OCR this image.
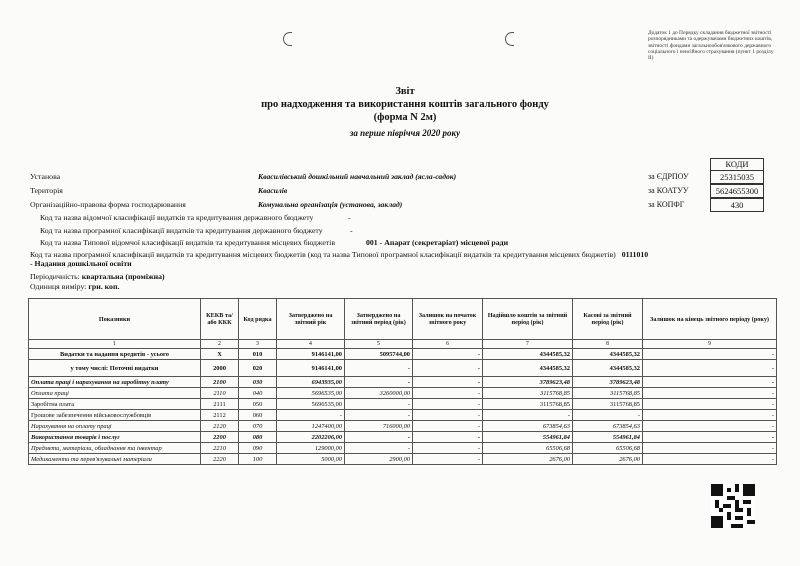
Додаток 1 до Порядку складання бюджетної звітності розпорядниками та одержувачами бюджетних коштів, звітності фондами загальнообов'язкового державного соціального і пенсійного страхування (пункт 1 розділу II)
Звіт
про надходження та використання коштів загального фонду
(форма N 2м)
за перше півріччя 2020 року
КОДИ
за ЄДРПОУ	25315035
за КОАТУУ	5624655300
за КОПФГ	430
Установа	Квасилівський дошкільний навчальний заклад (ясла-садок)
Територія	Квасилів
Організаційно-правова форма господарювання	Комунальна організація (установа, заклад)
Код та назва відомчої класифікації видатків та кредитування державного бюджету	-
Код та назва програмної класифікації видатків та кредитування державного бюджету	-
Код та назва Типової відомчої класифікації видатків та кредитування місцевих бюджетів	001 - Апарат (секретаріат) місцевої ради
Код та назва програмної класифікації видатків та кредитування місцевих бюджетів (код та назва Типової програмної класифікації видатків та кредитування місцевих бюджетів) 0111010 - Надання дошкільної освіти
Періодичність: квартальна (проміжна)
Одиниця виміру: грн. коп.
Показники	КЕКВ та/або ККК	Код рядка	Затверджено на звітний рік	Затверджено на звітний період (рік)	Залишок на початок звітного року	Надійшло коштів за звітний період (рік)	Касові за звітний період (рік)	Залишок на кінець звітного періоду (року)
1	2	3	4	5	6	7	8	9
Видатки та надання кредитів - усього	X	010	9146141,00	5095744,00	-	4344585,32	4344585,32	-
у тому числі: Поточні видатки	2000	020	9146141,00	-	-	4344585,32	4344585,32	-
Оплата праці і нарахування на заробітну плату	2100	030	6943935,00	-	-	3789623,48	3789623,48	-
Оплата праці	2110	040	5696535,00	3260000,00	-	3115768,85	3115768,85	-
Заробітна плата	2111	050	5696535,00	-	-	3115768,85	3115768,85	-
Грошове забезпечення військовослужбовців	2112	060	-	-	-	-	-	-
Нарахування на оплату праці	2120	070	1247400,00	716000,00	-	673854,63	673854,63	-
Використання товарів і послуг	2200	080	2202206,00	-	-	554961,84	554961,84	-
Предмети, матеріали, обладнання та інвентар	2210	090	129000,00	-	-	65506,68	65506,68	-
Медикаменти та перев'язувальні матеріали	2220	100	5000,00	2900,00	-	2676,00	2676,00	-
